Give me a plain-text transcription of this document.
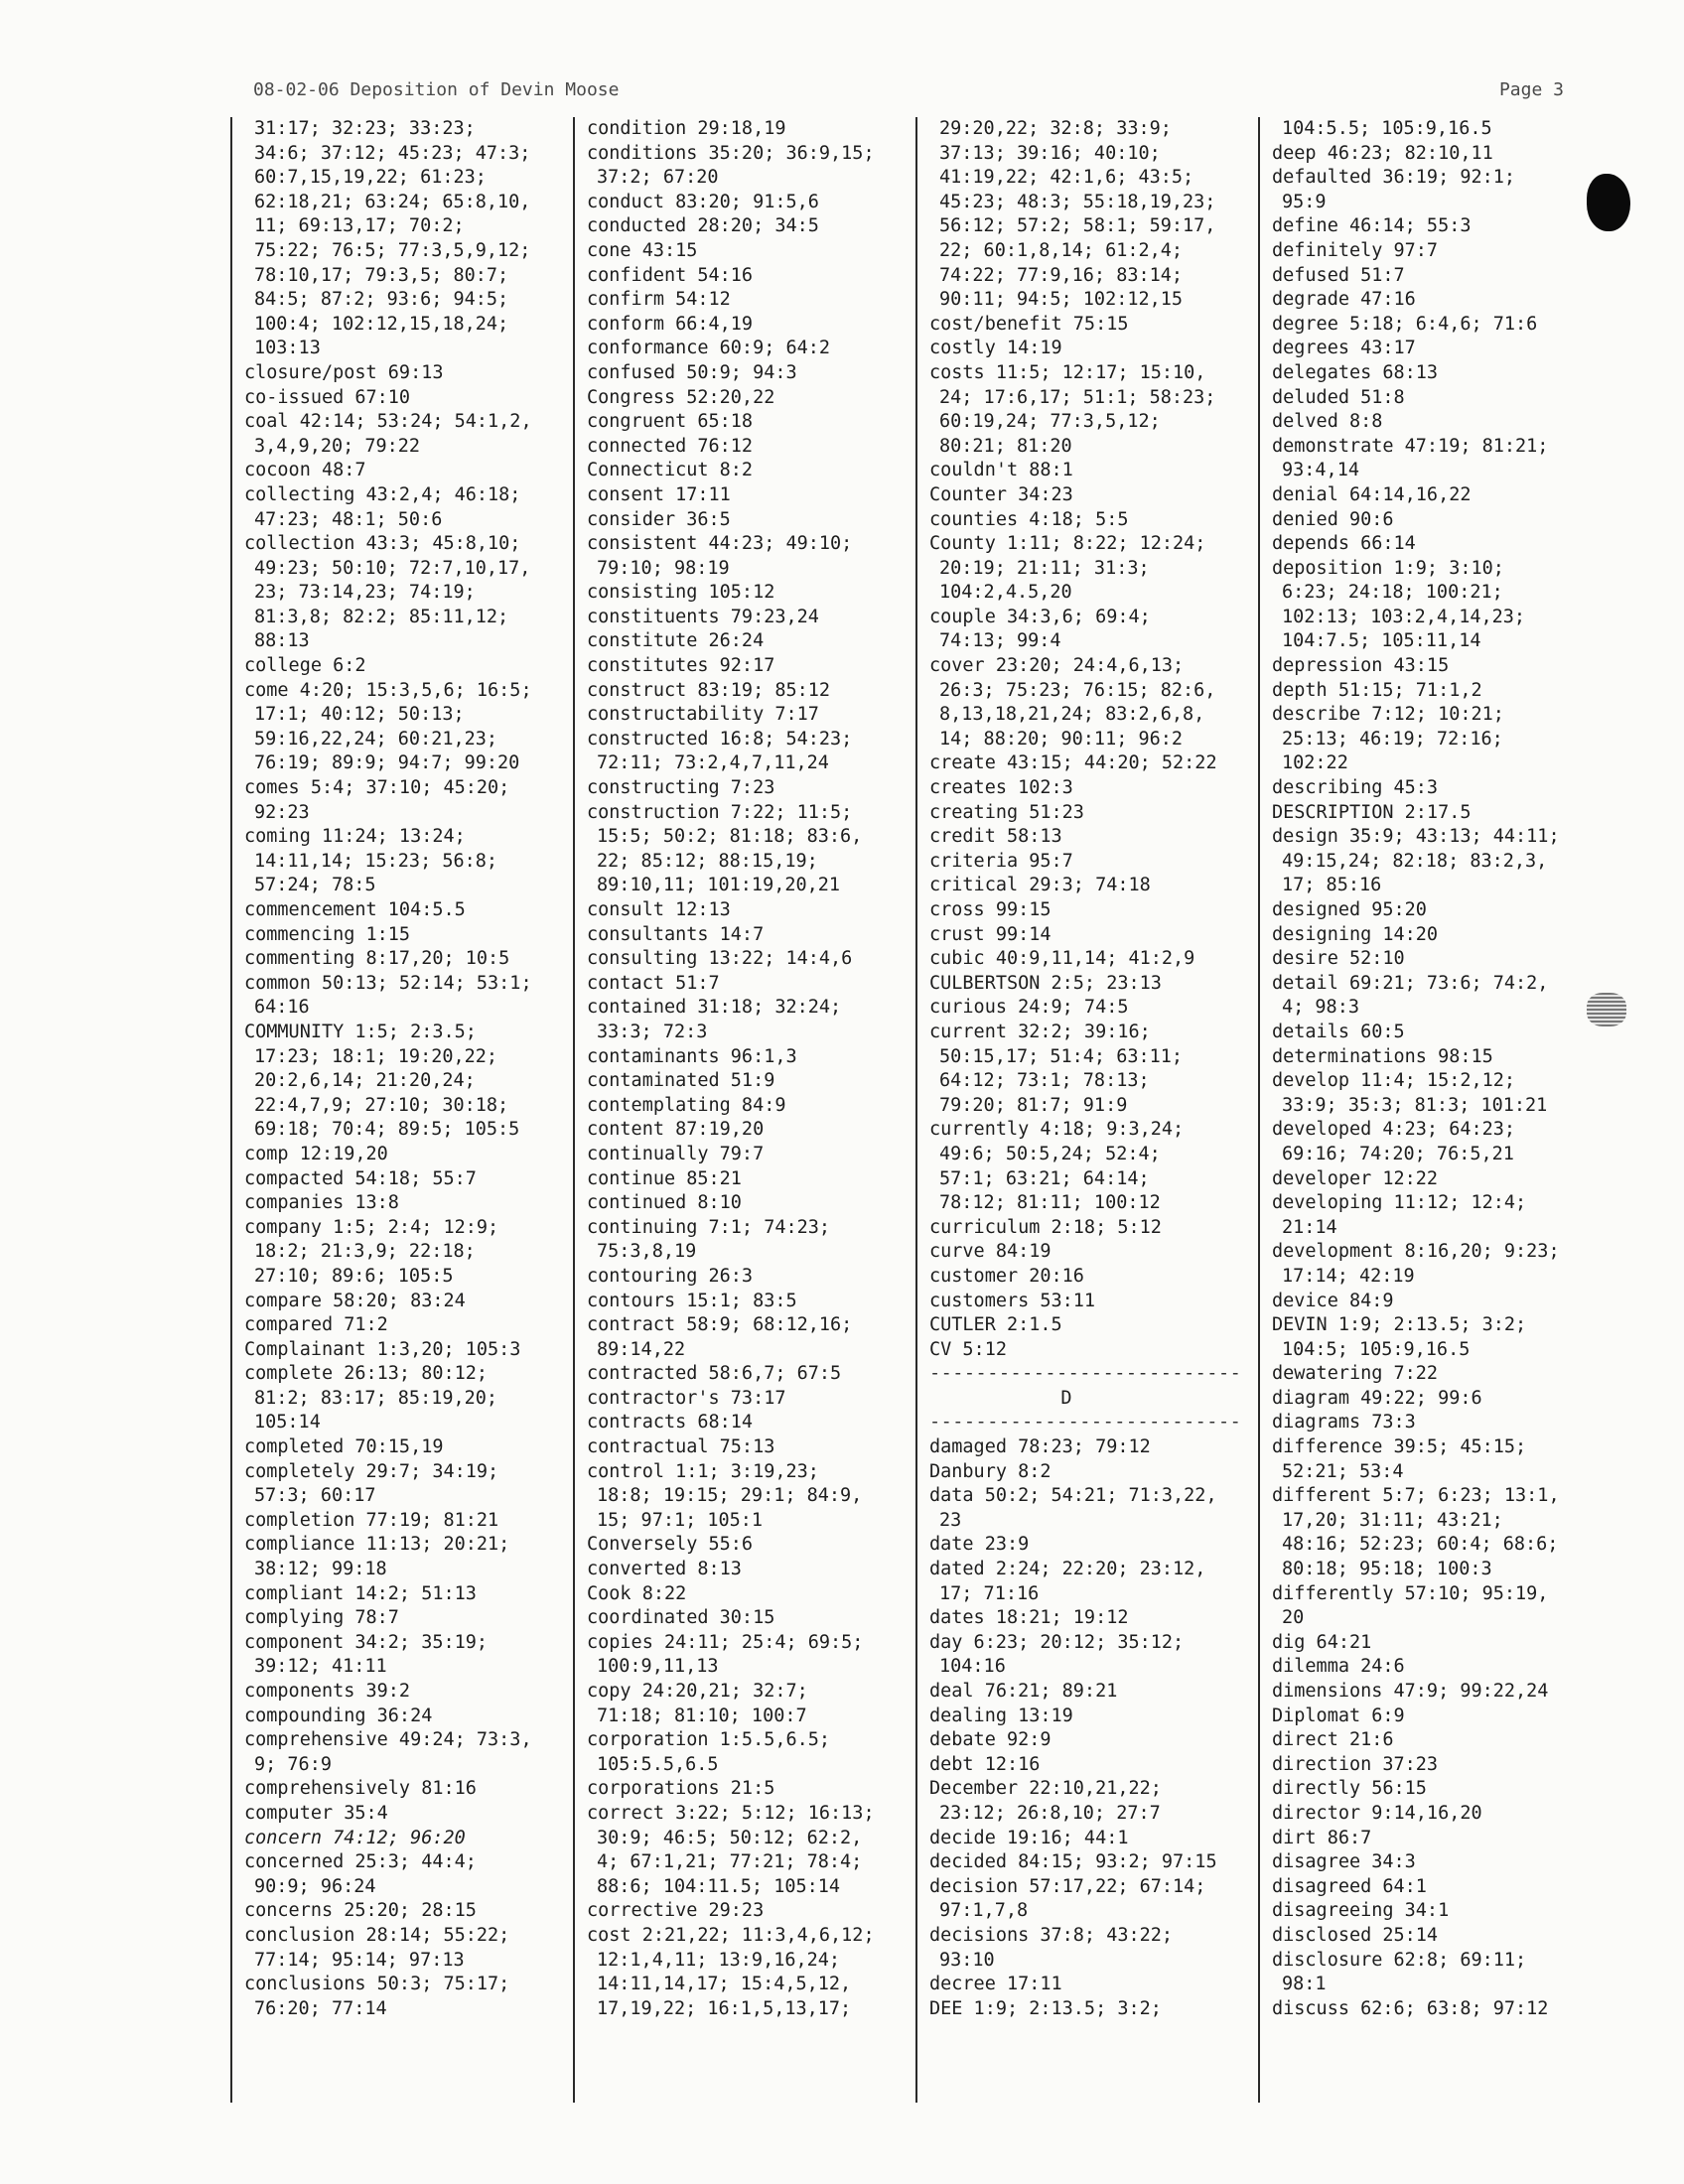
08-02-06 Deposition of Devin Moose	Page 3
31:17; 32:23; 33:23;
34:6; 37:12; 45:23; 47:3;
60:7,15,19,22; 61:23;
62:18,21; 63:24; 65:8,10,
11; 69:13,17; 70:2;
75:22; 76:5; 77:3,5,9,12;
78:10,17; 79:3,5; 80:7;
84:5; 87:2; 93:6; 94:5;
100:4; 102:12,15,18,24;
103:13
closure/post 69:13
co-issued 67:10
coal 42:14; 53:24; 54:1,2,
3,4,9,20; 79:22
cocoon 48:7
collecting 43:2,4; 46:18;
47:23; 48:1; 50:6
collection 43:3; 45:8,10;
49:23; 50:10; 72:7,10,17,
23; 73:14,23; 74:19;
81:3,8; 82:2; 85:11,12;
88:13
college 6:2
come 4:20; 15:3,5,6; 16:5;
17:1; 40:12; 50:13;
59:16,22,24; 60:21,23;
76:19; 89:9; 94:7; 99:20
comes 5:4; 37:10; 45:20;
92:23
coming 11:24; 13:24;
14:11,14; 15:23; 56:8;
57:24; 78:5
commencement 104:5.5
commencing 1:15
commenting 8:17,20; 10:5
common 50:13; 52:14; 53:1;
64:16
COMMUNITY 1:5; 2:3.5;
17:23; 18:1; 19:20,22;
20:2,6,14; 21:20,24;
22:4,7,9; 27:10; 30:18;
69:18; 70:4; 89:5; 105:5
comp 12:19,20
compacted 54:18; 55:7
companies 13:8
company 1:5; 2:4; 12:9;
18:2; 21:3,9; 22:18;
27:10; 89:6; 105:5
compare 58:20; 83:24
compared 71:2
Complainant 1:3,20; 105:3
complete 26:13; 80:12;
81:2; 83:17; 85:19,20;
105:14
completed 70:15,19
completely 29:7; 34:19;
57:3; 60:17
completion 77:19; 81:21
compliance 11:13; 20:21;
38:12; 99:18
compliant 14:2; 51:13
complying 78:7
component 34:2; 35:19;
39:12; 41:11
components 39:2
compounding 36:24
comprehensive 49:24; 73:3,
9; 76:9
comprehensively 81:16
computer 35:4
concern 74:12; 96:20
concerned 25:3; 44:4;
90:9; 96:24
concerns 25:20; 28:15
conclusion 28:14; 55:22;
77:14; 95:14; 97:13
conclusions 50:3; 75:17;
76:20; 77:14
condition 29:18,19
conditions 35:20; 36:9,15;
37:2; 67:20
conduct 83:20; 91:5,6
conducted 28:20; 34:5
cone 43:15
confident 54:16
confirm 54:12
conform 66:4,19
conformance 60:9; 64:2
confused 50:9; 94:3
Congress 52:20,22
congruent 65:18
connected 76:12
Connecticut 8:2
consent 17:11
consider 36:5
consistent 44:23; 49:10;
79:10; 98:19
consisting 105:12
constituents 79:23,24
constitute 26:24
constitutes 92:17
construct 83:19; 85:12
constructability 7:17
constructed 16:8; 54:23;
72:11; 73:2,4,7,11,24
constructing 7:23
construction 7:22; 11:5;
15:5; 50:2; 81:18; 83:6,
22; 85:12; 88:15,19;
89:10,11; 101:19,20,21
consult 12:13
consultants 14:7
consulting 13:22; 14:4,6
contact 51:7
contained 31:18; 32:24;
33:3; 72:3
contaminants 96:1,3
contaminated 51:9
contemplating 84:9
content 87:19,20
continually 79:7
continue 85:21
continued 8:10
continuing 7:1; 74:23;
75:3,8,19
contouring 26:3
contours 15:1; 83:5
contract 58:9; 68:12,16;
89:14,22
contracted 58:6,7; 67:5
contractor's 73:17
contracts 68:14
contractual 75:13
control 1:1; 3:19,23;
18:8; 19:15; 29:1; 84:9,
15; 97:1; 105:1
Conversely 55:6
converted 8:13
Cook 8:22
coordinated 30:15
copies 24:11; 25:4; 69:5;
100:9,11,13
copy 24:20,21; 32:7;
71:18; 81:10; 100:7
corporation 1:5.5,6.5;
105:5.5,6.5
corporations 21:5
correct 3:22; 5:12; 16:13;
30:9; 46:5; 50:12; 62:2,
4; 67:1,21; 77:21; 78:4;
88:6; 104:11.5; 105:14
corrective 29:23
cost 2:21,22; 11:3,4,6,12;
12:1,4,11; 13:9,16,24;
14:11,14,17; 15:4,5,12,
17,19,22; 16:1,5,13,17;
29:20,22; 32:8; 33:9;
37:13; 39:16; 40:10;
41:19,22; 42:1,6; 43:5;
45:23; 48:3; 55:18,19,23;
56:12; 57:2; 58:1; 59:17,
22; 60:1,8,14; 61:2,4;
74:22; 77:9,16; 83:14;
90:11; 94:5; 102:12,15
cost/benefit 75:15
costly 14:19
costs 11:5; 12:17; 15:10,
24; 17:6,17; 51:1; 58:23;
60:19,24; 77:3,5,12;
80:21; 81:20
couldn't 88:1
Counter 34:23
counties 4:18; 5:5
County 1:11; 8:22; 12:24;
20:19; 21:11; 31:3;
104:2,4.5,20
couple 34:3,6; 69:4;
74:13; 99:4
cover 23:20; 24:4,6,13;
26:3; 75:23; 76:15; 82:6,
8,13,18,21,24; 83:2,6,8,
14; 88:20; 90:11; 96:2
create 43:15; 44:20; 52:22
creates 102:3
creating 51:23
credit 58:13
criteria 95:7
critical 29:3; 74:18
cross 99:15
crust 99:14
cubic 40:9,11,14; 41:2,9
CULBERTSON 2:5; 23:13
curious 24:9; 74:5
current 32:2; 39:16;
50:15,17; 51:4; 63:11;
64:12; 73:1; 78:13;
79:20; 81:7; 91:9
currently 4:18; 9:3,24;
49:6; 50:5,24; 52:4;
57:1; 63:21; 64:14;
78:12; 81:11; 100:12
curriculum 2:18; 5:12
curve 84:19
customer 20:16
customers 53:11
CUTLER 2:1.5
CV 5:12
---------------------------
D
---------------------------
damaged 78:23; 79:12
Danbury 8:2
data 50:2; 54:21; 71:3,22,
23
date 23:9
dated 2:24; 22:20; 23:12,
17; 71:16
dates 18:21; 19:12
day 6:23; 20:12; 35:12;
104:16
deal 76:21; 89:21
dealing 13:19
debate 92:9
debt 12:16
December 22:10,21,22;
23:12; 26:8,10; 27:7
decide 19:16; 44:1
decided 84:15; 93:2; 97:15
decision 57:17,22; 67:14;
97:1,7,8
decisions 37:8; 43:22;
93:10
decree 17:11
DEE 1:9; 2:13.5; 3:2;
104:5.5; 105:9,16.5
deep 46:23; 82:10,11
defaulted 36:19; 92:1;
95:9
define 46:14; 55:3
definitely 97:7
defused 51:7
degrade 47:16
degree 5:18; 6:4,6; 71:6
degrees 43:17
delegates 68:13
deluded 51:8
delved 8:8
demonstrate 47:19; 81:21;
93:4,14
denial 64:14,16,22
denied 90:6
depends 66:14
deposition 1:9; 3:10;
6:23; 24:18; 100:21;
102:13; 103:2,4,14,23;
104:7.5; 105:11,14
depression 43:15
depth 51:15; 71:1,2
describe 7:12; 10:21;
25:13; 46:19; 72:16;
102:22
describing 45:3
DESCRIPTION 2:17.5
design 35:9; 43:13; 44:11;
49:15,24; 82:18; 83:2,3,
17; 85:16
designed 95:20
designing 14:20
desire 52:10
detail 69:21; 73:6; 74:2,
4; 98:3
details 60:5
determinations 98:15
develop 11:4; 15:2,12;
33:9; 35:3; 81:3; 101:21
developed 4:23; 64:23;
69:16; 74:20; 76:5,21
developer 12:22
developing 11:12; 12:4;
21:14
development 8:16,20; 9:23;
17:14; 42:19
device 84:9
DEVIN 1:9; 2:13.5; 3:2;
104:5; 105:9,16.5
dewatering 7:22
diagram 49:22; 99:6
diagrams 73:3
difference 39:5; 45:15;
52:21; 53:4
different 5:7; 6:23; 13:1,
17,20; 31:11; 43:21;
48:16; 52:23; 60:4; 68:6;
80:18; 95:18; 100:3
differently 57:10; 95:19,
20
dig 64:21
dilemma 24:6
dimensions 47:9; 99:22,24
Diplomat 6:9
direct 21:6
direction 37:23
directly 56:15
director 9:14,16,20
dirt 86:7
disagree 34:3
disagreed 64:1
disagreeing 34:1
disclosed 25:14
disclosure 62:8; 69:11;
98:1
discuss 62:6; 63:8; 97:12
